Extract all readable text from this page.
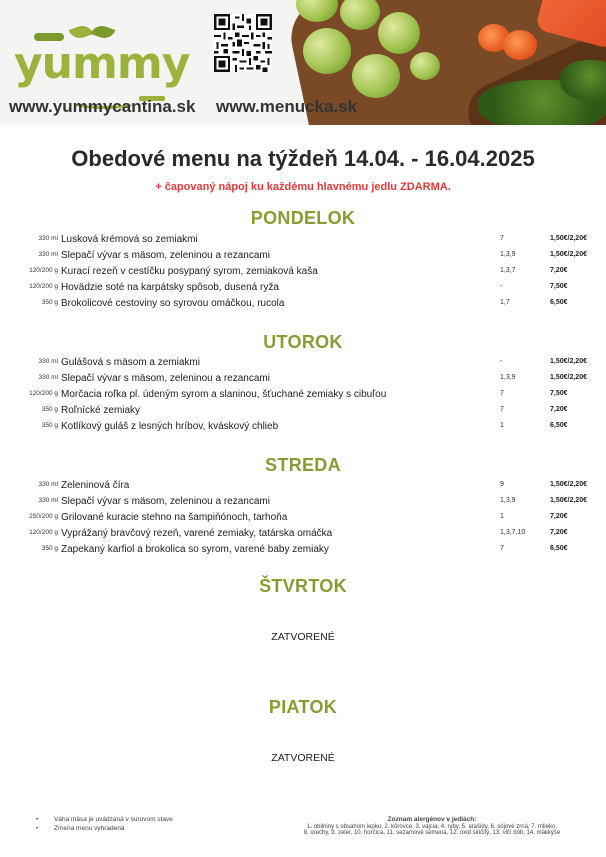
yummy
www.yummycantina.sk www.menucka.sk
Obedové menu na týždeň 14.04. - 16.04.2025
+ čapovaný nápoj ku každému hlavnému jedlu ZDARMA.
PONDELOK
330 ml Lusková krémová so zemiakmi	7	1,50€/2,20€
330 ml Slepačí vývar s mäsom, zeleninou a rezancami	1,3,9	1,50€/2,20€
120/200 g Kurací rezeň v cestíčku posypaný syrom, zemiaková kaša	1,3,7	7,20€
120/200 g Hovädzie soté na karpátsky spôsob, dusená ryža	-	7,50€
350 g Brokolicové cestoviny so syrovou omáčkou, rucola	1,7	6,50€
UTOROK
330 ml Gulášová s mäsom a zemiakmi	-	1,50€/2,20€
330 ml Slepačí vývar s mäsom, zeleninou a rezancami	1,3,9	1,50€/2,20€
120/200 g Morčacia roľka pl. údeným syrom a slaninou, šťuchané zemiaky s cibuľou	7	7,50€
350 g Roľnícké zemiaky	7	7,20€
350 g Kotlíkový guláš z lesných hríbov, kváskový chlieb	1	6,50€
STREDA
330 ml Zeleninová číra	9	1,50€/2,20€
330 ml Slepačí vývar s mäsom, zeleninou a rezancami	1,3,9	1,50€/2,20€
250/200 g Grilované kuracie stehno na šampiňónoch, tarhoňa	1	7,20€
120/200 g Vyprážaný bravčový rezeň, varené zemiaky, tatárska omáčka	1,3,7,10	7,20€
350 g Zapekaný karfiol a brokolica so syrom, varené baby zemiaky	7	6,50€
ŠTVRTOK
ZATVORENÉ
PIATOK
ZATVORENÉ
• Váha mäsa je uvádzaná v surovom stave
• Zmena menu vyhradená
Zoznam alergénov v jedlách:
1. obilniny s obsahom lepku, 2. kôrovce, 3. vajcia, 4. ryby, 5. arašidy, 6. sójové zrná, 7. mlieko,
8. orechy, 9. zeler, 10. horčica, 11. sezamové semená, 12. oxid siričitý, 13. vlčí bôb, 14. mäkkýše
